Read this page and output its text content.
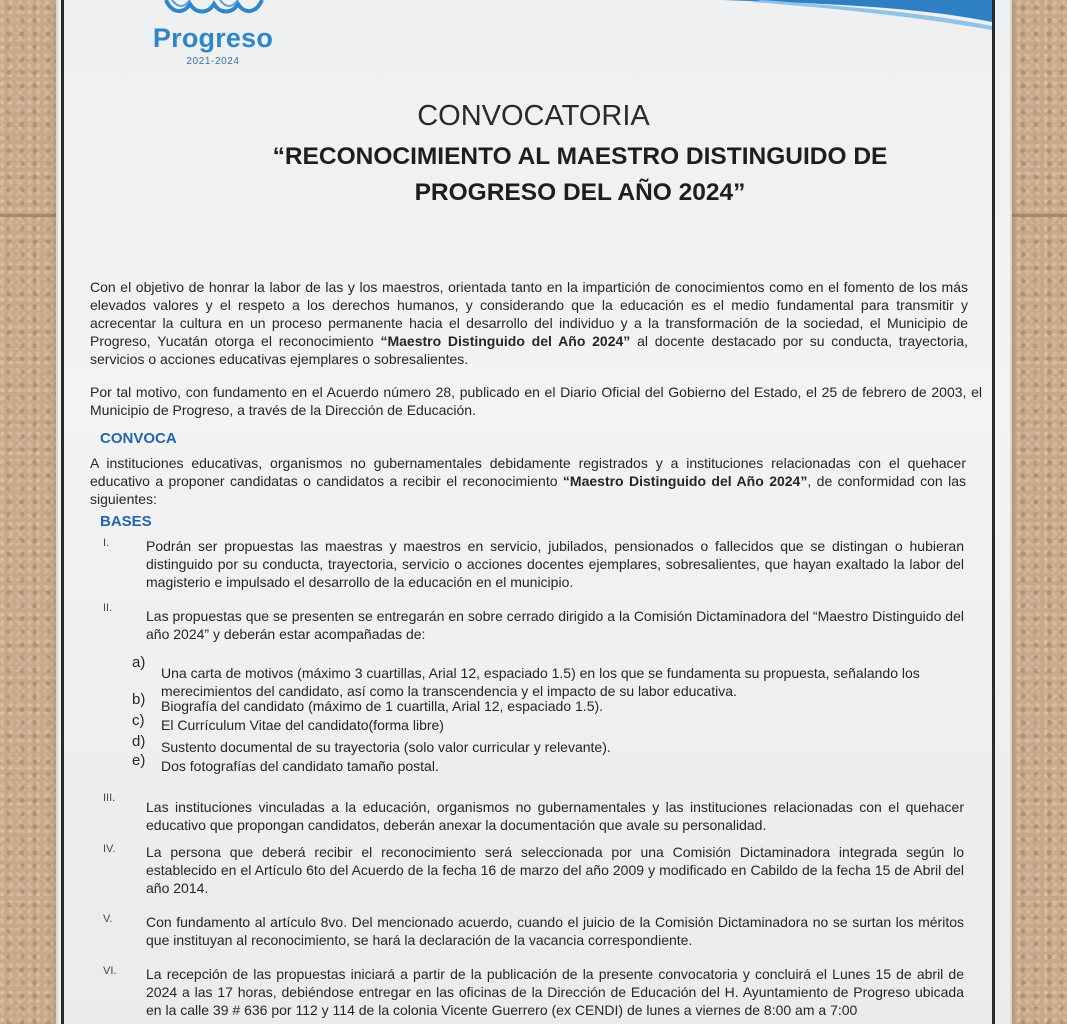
Progreso
2021-2024
CONVOCATORIA
“RECONOCIMIENTO AL MAESTRO DISTINGUIDO DE
PROGRESO DEL AÑO 2024”
Con el objetivo de honrar la labor de las y los maestros, orientada tanto en la impartición de conocimientos como en el fomento de los más elevados valores y el respeto a los derechos humanos, y considerando que la educación es el medio fundamental para transmitir y acrecentar la cultura en un proceso permanente hacia el desarrollo del individuo y a la transformación de la sociedad, el Municipio de Progreso, Yucatán otorga el reconocimiento “Maestro Distinguido del Año 2024” al docente destacado por su conducta, trayectoria, servicios o acciones educativas ejemplares o sobresalientes.
Por tal motivo, con fundamento en el Acuerdo número 28, publicado en el Diario Oficial del Gobierno del Estado, el 25 de febrero de 2003, el Municipio de Progreso, a través de la Dirección de Educación.
CONVOCA
A instituciones educativas, organismos no gubernamentales debidamente registrados y a instituciones relacionadas con el quehacer educativo a proponer candidatas o candidatos a recibir el reconocimiento “Maestro Distinguido del Año 2024”, de conformidad con las siguientes:
BASES
I.	Podrán ser propuestas las maestras y maestros en servicio, jubilados, pensionados o fallecidos que se distingan o hubieran distinguido por su conducta, trayectoria, servicio o acciones docentes ejemplares, sobresalientes, que hayan exaltado la labor del magisterio e impulsado el desarrollo de la educación en el municipio.
II. Las propuestas que se presenten se entregarán en sobre cerrado dirigido a la Comisión Dictaminadora del “Maestro Distinguido del año 2024” y deberán estar acompañadas de:
a)
Una carta de motivos (máximo 3 cuartillas, Arial 12, espaciado 1.5) en los que se fundamenta su propuesta, señalando los merecimientos del candidato, así como la transcendencia y el impacto de su labor educativa.
b) Biografía del candidato (máximo de 1 cuartilla, Arial 12, espaciado 1.5).
c) El Currículum Vitae del candidato(forma libre)
d) Sustento documental de su trayectoria (solo valor curricular y relevante).
e) Dos fotografías del candidato tamaño postal.
III.
Las instituciones vinculadas a la educación, organismos no gubernamentales y las instituciones relacionadas con el quehacer educativo que propongan candidatos, deberán anexar la documentación que avale su personalidad.
IV. La persona que deberá recibir el reconocimiento será seleccionada por una Comisión Dictaminadora integrada según lo establecido en el Artículo 6to del Acuerdo de la fecha 16 de marzo del año 2009 y modificado en Cabildo de la fecha 15 de Abril del año 2014.
V. Con fundamento al artículo 8vo. Del mencionado acuerdo, cuando el juicio de la Comisión Dictaminadora no se surtan los méritos que instituyan al reconocimiento, se hará la declaración de la vacancia correspondiente.
VI. La recepción de las propuestas iniciará a partir de la publicación de la presente convocatoria y concluirá el Lunes 15 de abril de 2024 a las 17 horas, debiéndose entregar en las oficinas de la Dirección de Educación del H. Ayuntamiento de Progreso ubicada en la calle 39 # 636 por 112 y 114 de la colonia Vicente Guerrero (ex CENDI) de lunes a viernes de 8:00 am a 7:00
